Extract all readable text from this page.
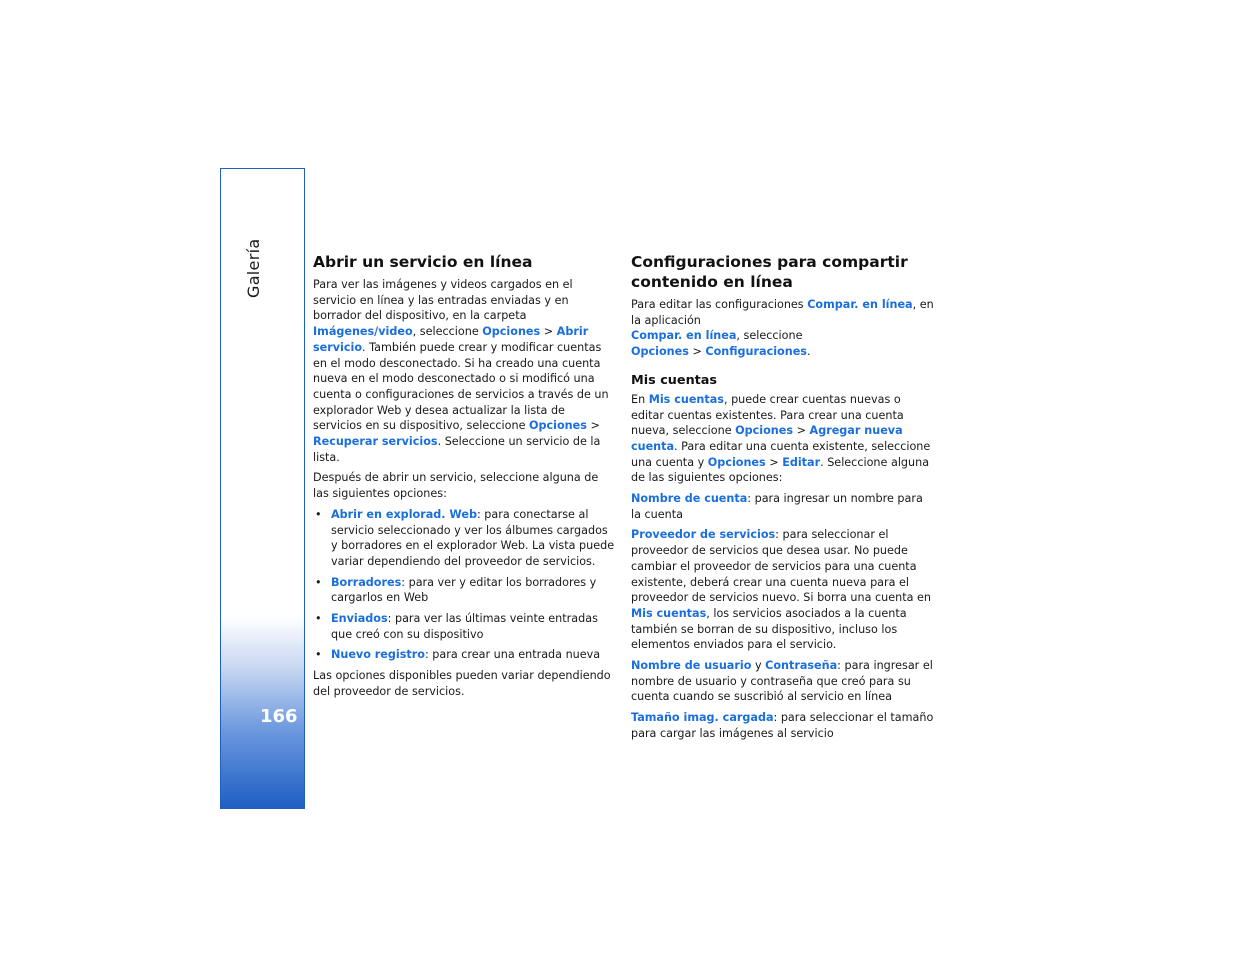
Galería
166
Abrir un servicio en línea

Para ver las imágenes y videos cargados en el servicio en línea y las entradas enviadas y en borrador del dispositivo, en la carpeta Imágenes/video, seleccione Opciones > Abrir servicio. También puede crear y modificar cuentas en el modo desconectado. Si ha creado una cuenta nueva en el modo desconectado o si modificó una cuenta o configuraciones de servicios a través de un explorador Web y desea actualizar la lista de servicios en su dispositivo, seleccione Opciones > Recuperar servicios. Seleccione un servicio de la lista.

Después de abrir un servicio, seleccione alguna de las siguientes opciones:

• Abrir en explorad. Web: para conectarse al servicio seleccionado y ver los álbumes cargados y borradores en el explorador Web. La vista puede variar dependiendo del proveedor de servicios.
• Borradores: para ver y editar los borradores y cargarlos en Web
• Enviados: para ver las últimas veinte entradas que creó con su dispositivo
• Nuevo registro: para crear una entrada nueva

Las opciones disponibles pueden variar dependiendo del proveedor de servicios.

Configuraciones para compartir contenido en línea

Para editar las configuraciones Compar. en línea, en la aplicación
Compar. en línea, seleccione
Opciones > Configuraciones.

Mis cuentas

En Mis cuentas, puede crear cuentas nuevas o editar cuentas existentes. Para crear una cuenta nueva, seleccione Opciones > Agregar nueva cuenta. Para editar una cuenta existente, seleccione una cuenta y Opciones > Editar. Seleccione alguna de las siguientes opciones:

Nombre de cuenta: para ingresar un nombre para la cuenta

Proveedor de servicios: para seleccionar el proveedor de servicios que desea usar. No puede cambiar el proveedor de servicios para una cuenta existente, deberá crear una cuenta nueva para el proveedor de servicios nuevo. Si borra una cuenta en Mis cuentas, los servicios asociados a la cuenta también se borran de su dispositivo, incluso los elementos enviados para el servicio.

Nombre de usuario y Contraseña: para ingresar el nombre de usuario y contraseña que creó para su cuenta cuando se suscribió al servicio en línea

Tamaño imag. cargada: para seleccionar el tamaño para cargar las imágenes al servicio
